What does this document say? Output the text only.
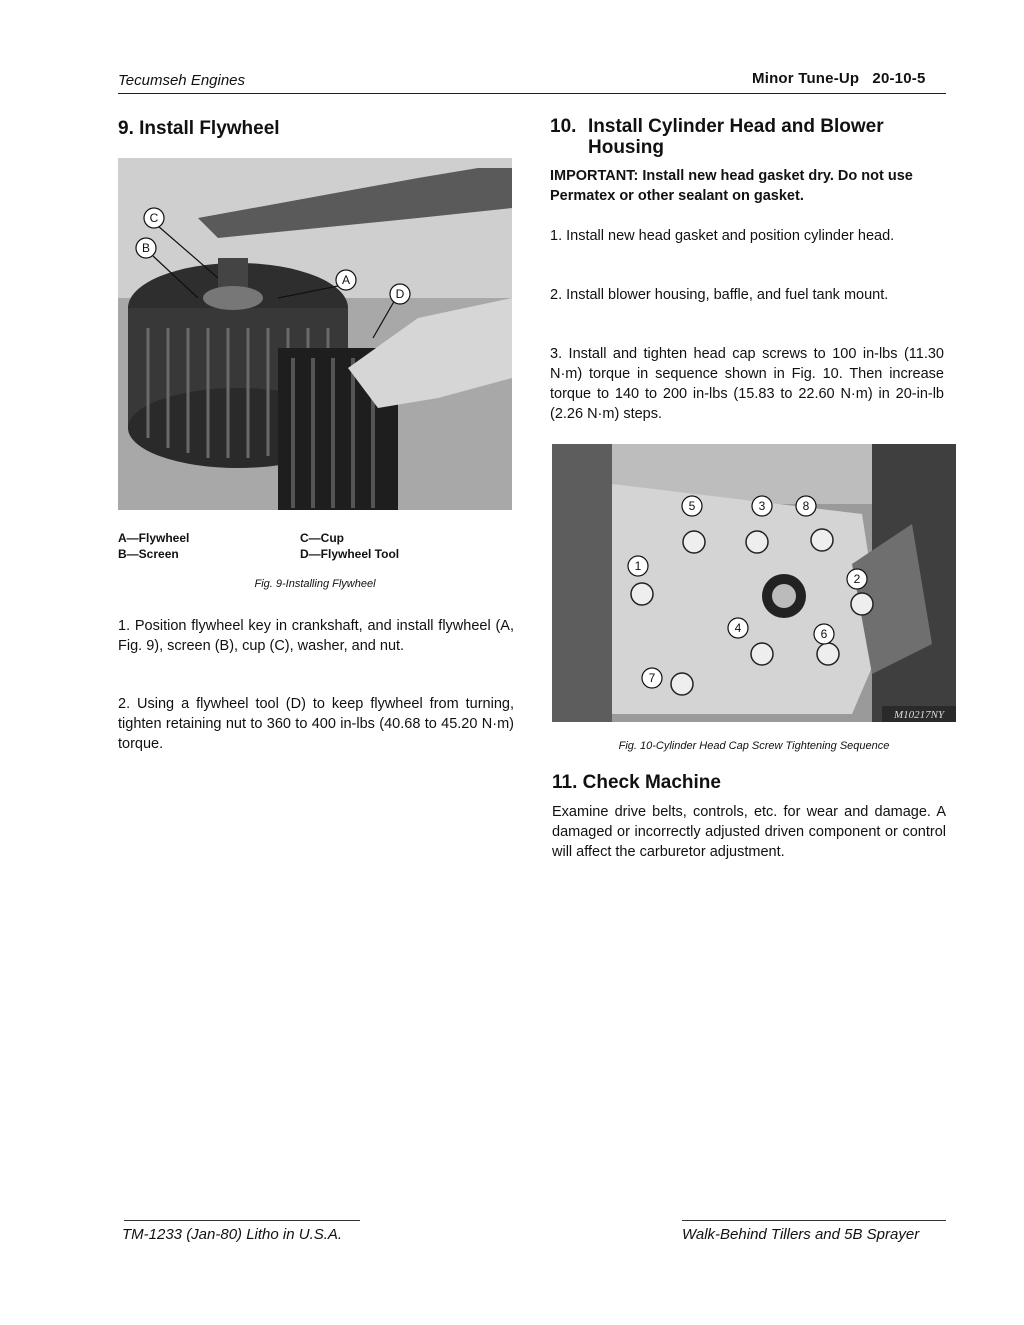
Tecumseh Engines	Minor Tune-Up   20-10-5
9. Install Flywheel
C
B
A
D
A—Flywheel
B—Screen
C—Cup
D—Flywheel Tool
Fig. 9-Installing Flywheel

1. Position flywheel key in crankshaft, and install flywheel (A, Fig. 9), screen (B), cup (C), washer, and nut.

2. Using a flywheel tool (D) to keep flywheel from turning, tighten retaining nut to 360 to 400 in-lbs (40.68 to 45.20 N·m) torque.

10. Install Cylinder Head and Blower Housing

IMPORTANT: Install new head gasket dry. Do not use Permatex or other sealant on gasket.

1. Install new head gasket and position cylinder head.

2. Install blower housing, baffle, and fuel tank mount.

3. Install and tighten head cap screws to 100 in-lbs (11.30 N·m) torque in sequence shown in Fig. 10. Then increase torque to 140 to 200 in-lbs (15.83 to 22.60 N·m) in 20-in-lb (2.26 N·m) steps.

1
2
3
4
5
6
7
8
M10217NY
Fig. 10-Cylinder Head Cap Screw Tightening Sequence
11. Check Machine

Examine drive belts, controls, etc. for wear and damage. A damaged or incorrectly adjusted driven component or control will affect the carburetor adjustment.

TM-1233 (Jan-80) Litho in U.S.A.	Walk-Behind Tillers and 5B Sprayer
